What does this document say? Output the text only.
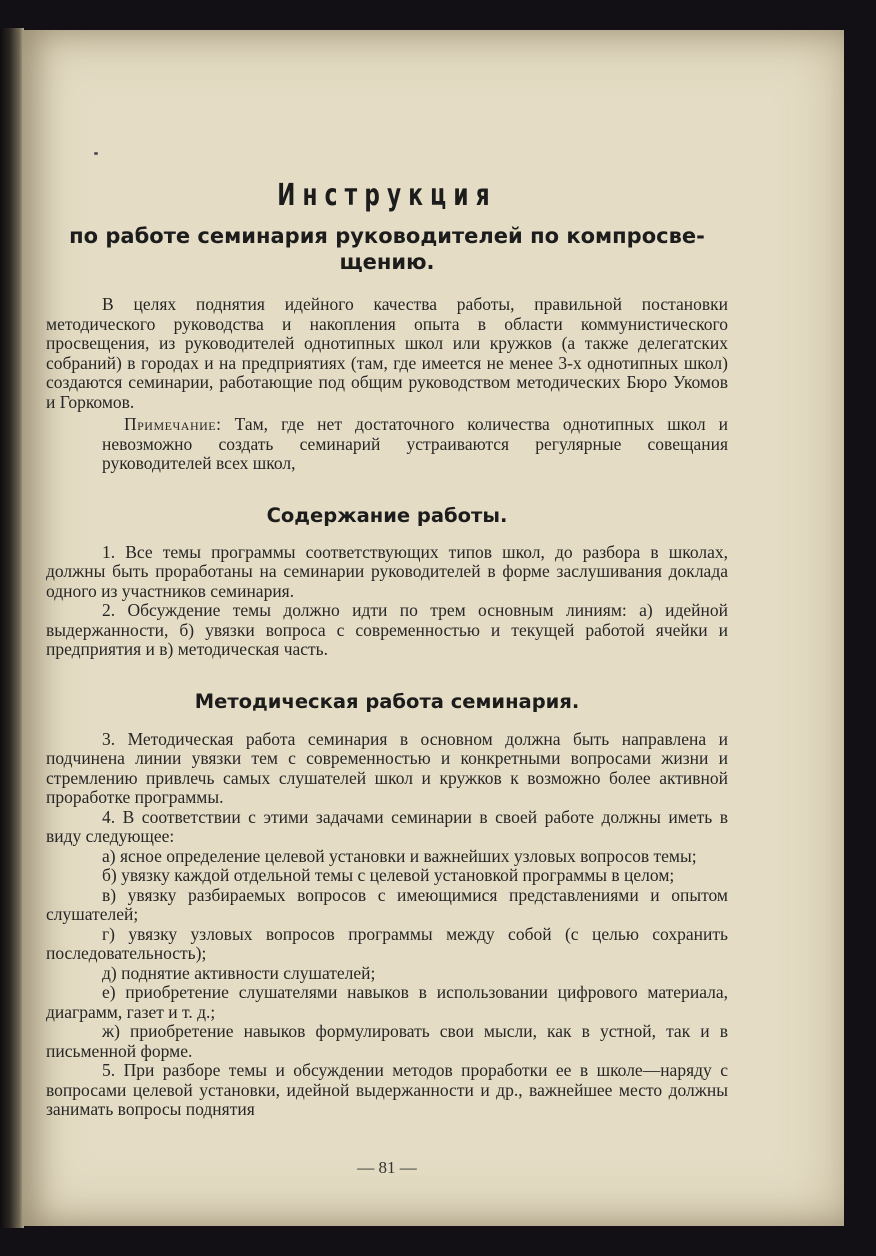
Инструкция
по работе семинария руководителей по компросве-щению.

В целях поднятия идейного качества работы, правильной постановки методического руководства и накопления опыта в области коммунистического просвещения, из руководителей однотипных школ или кружков (а также делегатских собраний) в городах и на предприятиях (там, где имеется не менее 3-х однотипных школ) создаются семинарии, работающие под общим руководством методических Бюро Укомов и Горкомов.

Примечание: Там, где нет достаточного количества однотипных школ и невозможно создать семинарий устраиваются регулярные совещания руководителей всех школ,

Содержание работы.

1. Все темы программы соответствующих типов школ, до разбора в школах, должны быть проработаны на семинарии руководителей в форме заслушивания доклада одного из участников семинария.

2. Обсуждение темы должно идти по трем основным линиям: а) идейной выдержанности, б) увязки вопроса с современностью и текущей работой ячейки и предприятия и в) методическая часть.

Методическая работа семинария.

3. Методическая работа семинария в основном должна быть направлена и подчинена линии увязки тем с современностью и конкретными вопросами жизни и стремлению привлечь самых слушателей школ и кружков к возможно более активной проработке программы.

4. В соответствии с этими задачами семинарии в своей работе должны иметь в виду следующее:

а) ясное определение целевой установки и важнейших узловых вопросов темы;

б) увязку каждой отдельной темы с целевой установкой программы в целом;

в) увязку разбираемых вопросов с имеющимися представлениями и опытом слушателей;

г) увязку узловых вопросов программы между собой (с целью сохранить последовательность);

д) поднятие активности слушателей;

е) приобретение слушателями навыков в использовании цифрового материала, диаграмм, газет и т. д.;

ж) приобретение навыков формулировать свои мысли, как в устной, так и в письменной форме.

5. При разборе темы и обсуждении методов проработки ее в школе—наряду с вопросами целевой установки, идейной выдержанности и др., важнейшее место должны занимать вопросы поднятия

— 81 —
